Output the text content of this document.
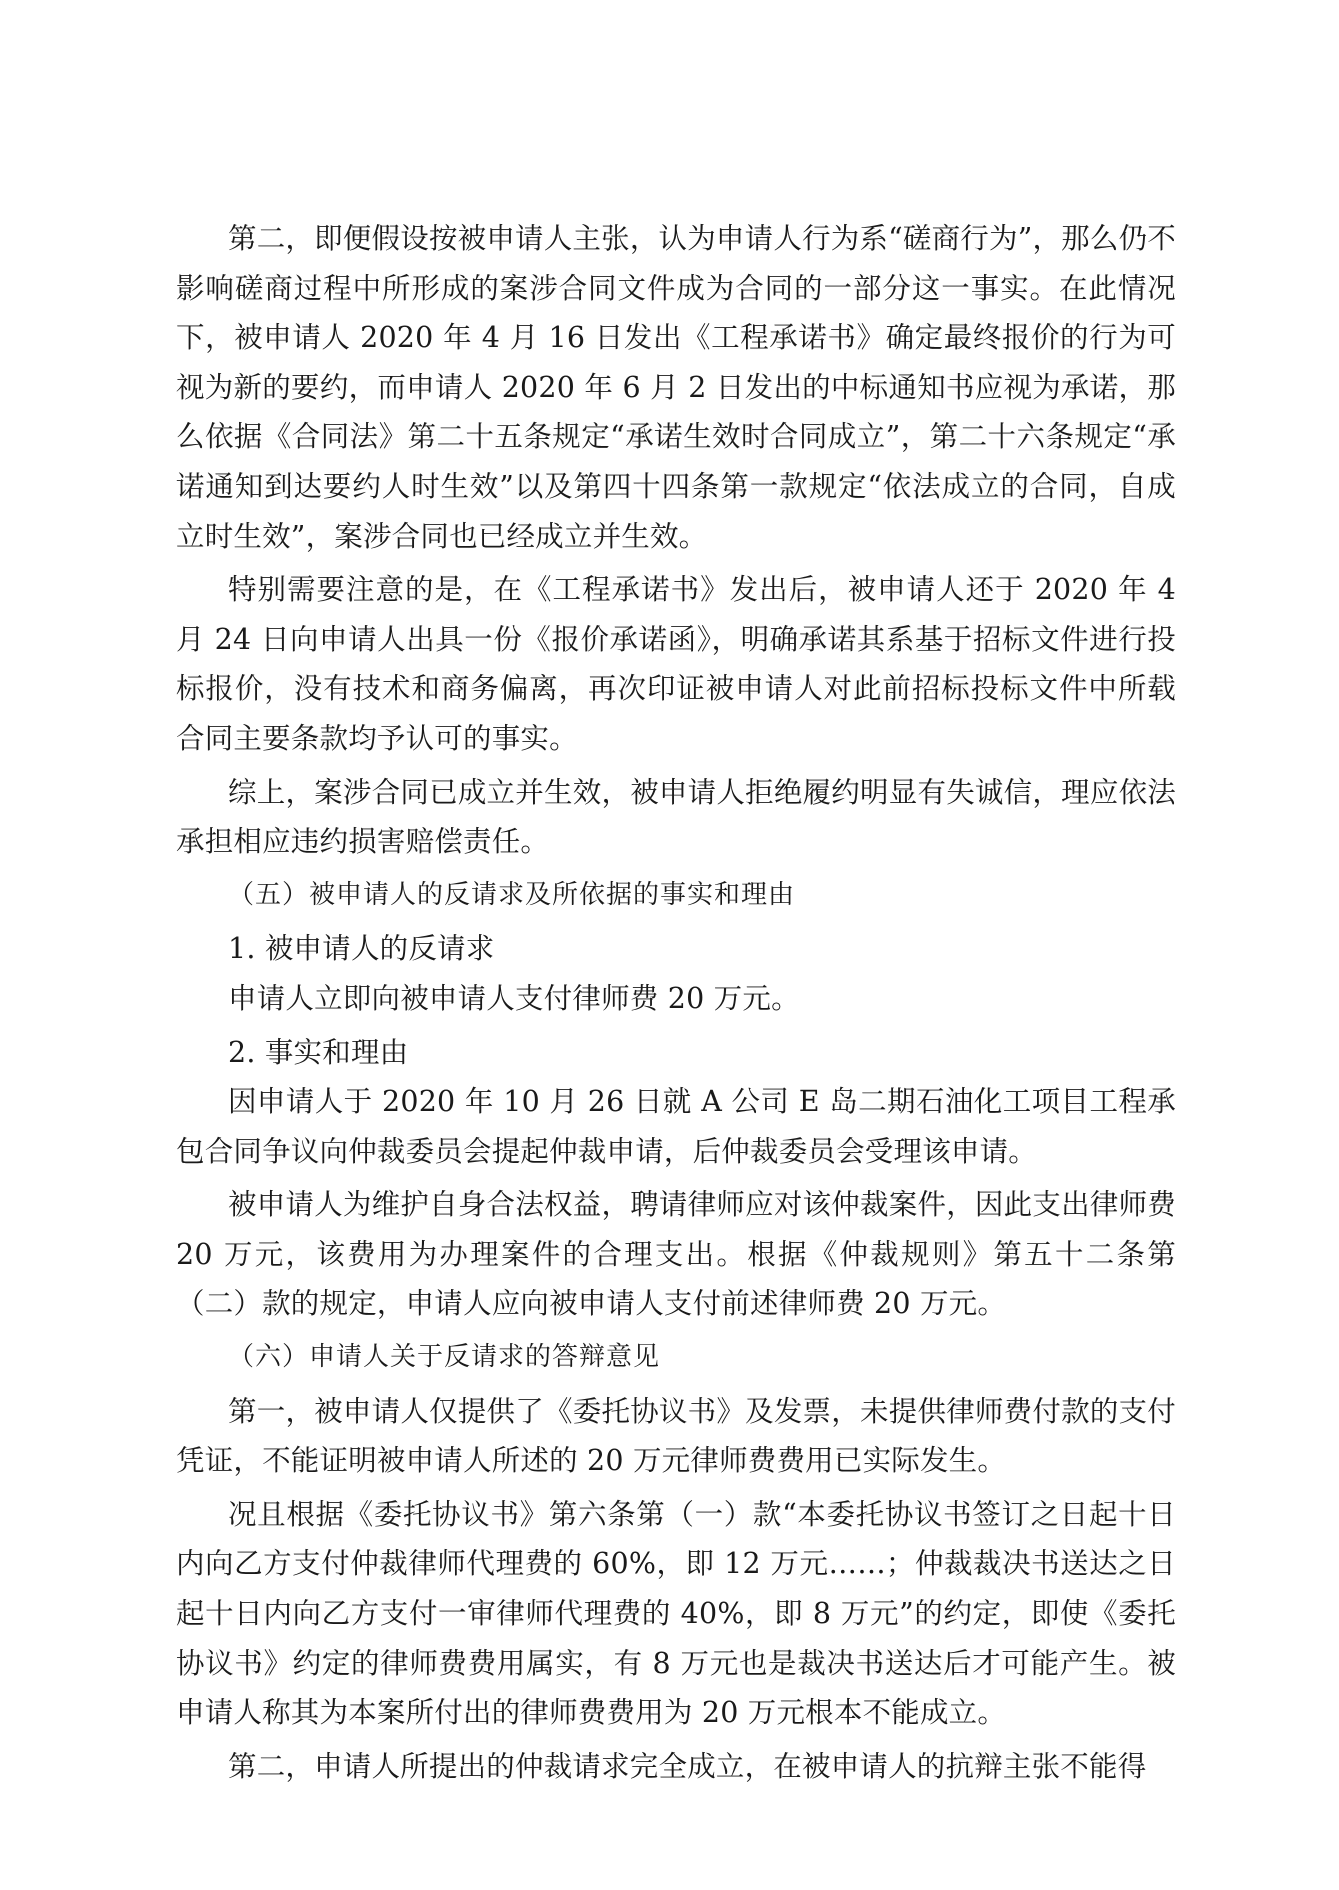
第二，即便假设按被申请人主张，认为申请人行为系“磋商行为”，那么仍不影响磋商过程中所形成的案涉合同文件成为合同的一部分这一事实。在此情况下，被申请人 2020 年 4 月 16 日发出《工程承诺书》确定最终报价的行为可视为新的要约，而申请人 2020 年 6 月 2 日发出的中标通知书应视为承诺，那么依据《合同法》第二十五条规定“承诺生效时合同成立”，第二十六条规定“承诺通知到达要约人时生效”以及第四十四条第一款规定“依法成立的合同，自成立时生效”，案涉合同也已经成立并生效。

特别需要注意的是，在《工程承诺书》发出后，被申请人还于 2020 年 4 月 24 日向申请人出具一份《报价承诺函》，明确承诺其系基于招标文件进行投标报价，没有技术和商务偏离，再次印证被申请人对此前招标投标文件中所载合同主要条款均予认可的事实。

综上，案涉合同已成立并生效，被申请人拒绝履约明显有失诚信，理应依法承担相应违约损害赔偿责任。

（五）被申请人的反请求及所依据的事实和理由

1. 被申请人的反请求

申请人立即向被申请人支付律师费 20 万元。

2. 事实和理由

因申请人于 2020 年 10 月 26 日就 A 公司 E 岛二期石油化工项目工程承包合同争议向仲裁委员会提起仲裁申请，后仲裁委员会受理该申请。

被申请人为维护自身合法权益，聘请律师应对该仲裁案件，因此支出律师费 20 万元，该费用为办理案件的合理支出。根据《仲裁规则》第五十二条第（二）款的规定，申请人应向被申请人支付前述律师费 20 万元。

（六）申请人关于反请求的答辩意见

第一，被申请人仅提供了《委托协议书》及发票，未提供律师费付款的支付凭证，不能证明被申请人所述的 20 万元律师费费用已实际发生。

况且根据《委托协议书》第六条第（一）款“本委托协议书签订之日起十日内向乙方支付仲裁律师代理费的 60%，即 12 万元……；仲裁裁决书送达之日起十日内向乙方支付一审律师代理费的 40%，即 8 万元”的约定，即使《委托协议书》约定的律师费费用属实，有 8 万元也是裁决书送达后才可能产生。被申请人称其为本案所付出的律师费费用为 20 万元根本不能成立。

第二，申请人所提出的仲裁请求完全成立，在被申请人的抗辩主张不能得
